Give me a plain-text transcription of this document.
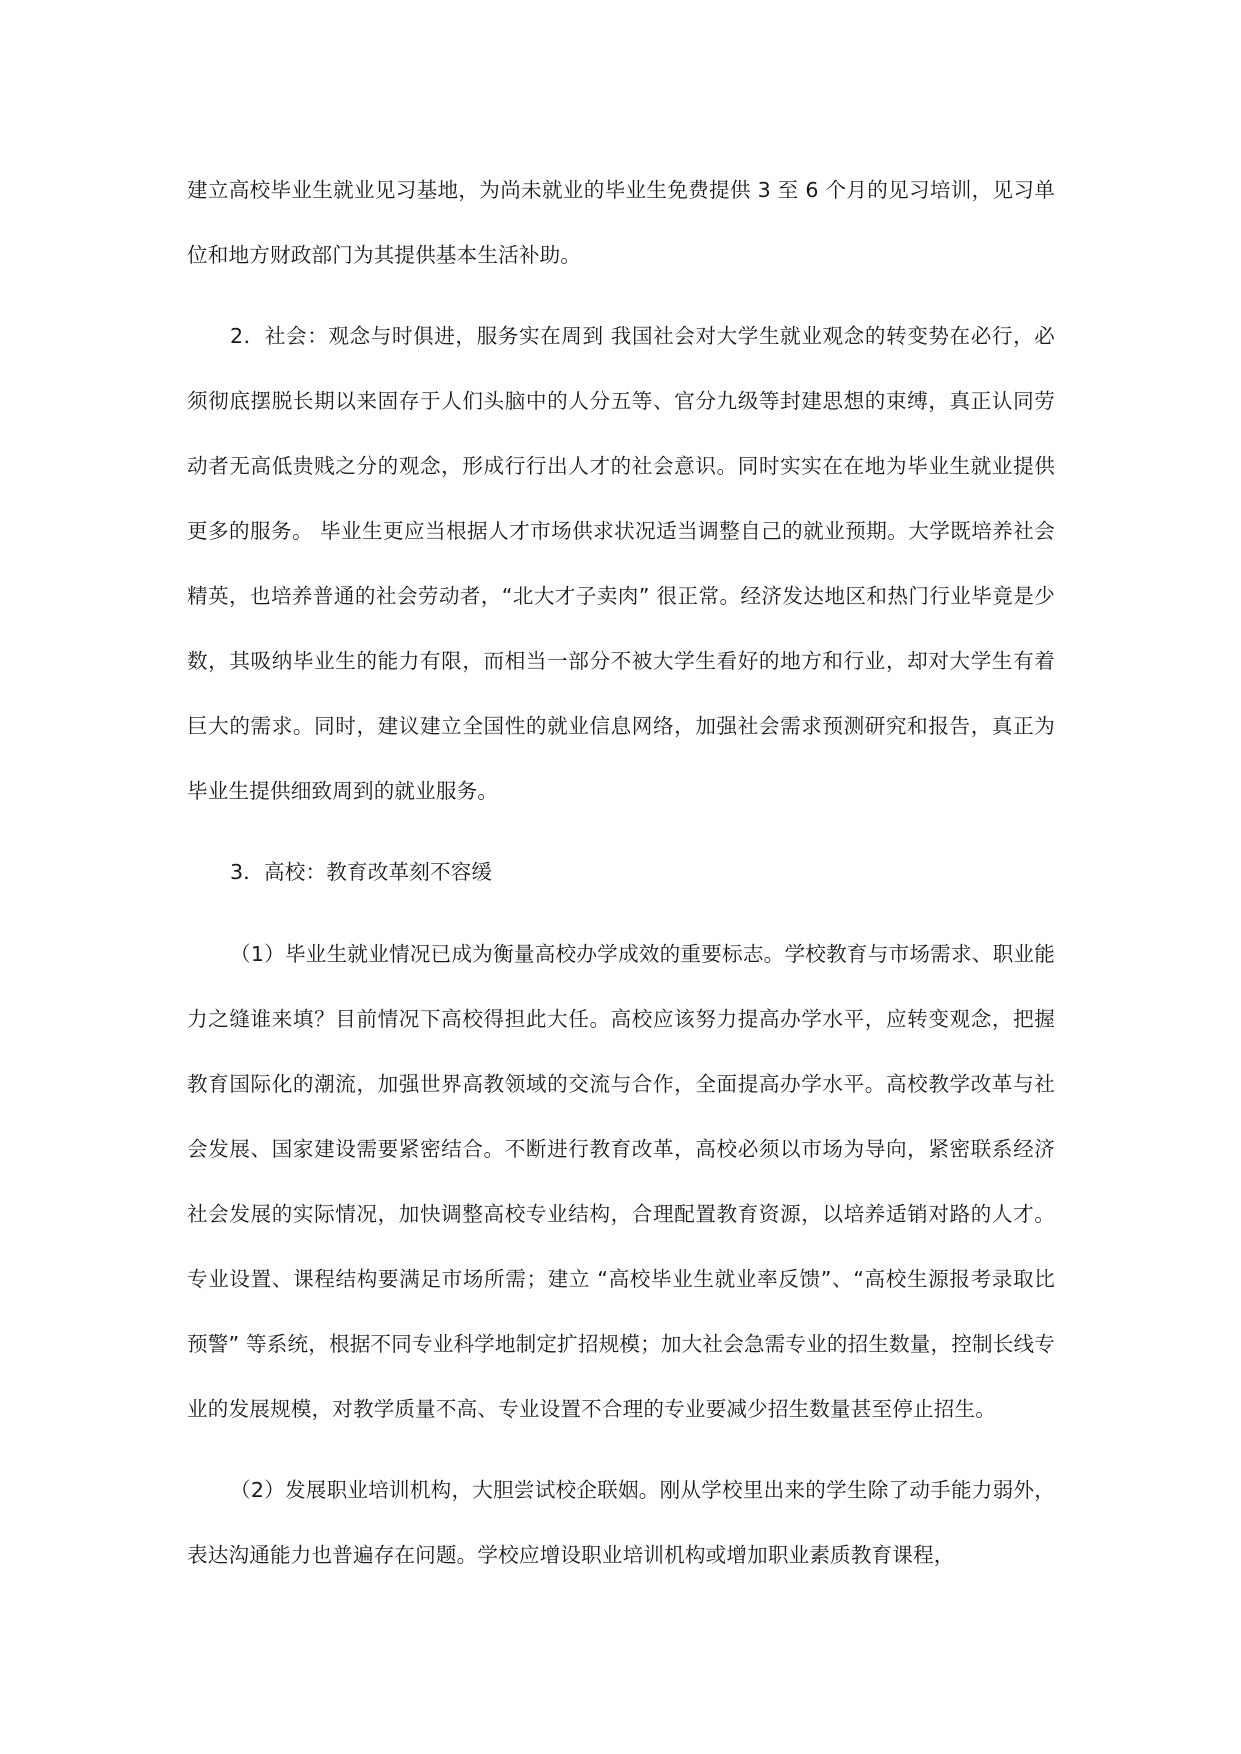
建立高校毕业生就业见习基地，为尚未就业的毕业生免费提供 3 至 6 个月的见习培训，见习单位和地方财政部门为其提供基本生活补助。

2．社会：观念与时俱进，服务实在周到 我国社会对大学生就业观念的转变势在必行，必须彻底摆脱长期以来固存于人们头脑中的人分五等、官分九级等封建思想的束缚，真正认同劳动者无高低贵贱之分的观念，形成行行出人才的社会意识。同时实实在在地为毕业生就业提供更多的服务。 毕业生更应当根据人才市场供求状况适当调整自己的就业预期。大学既培养社会精英，也培养普通的社会劳动者，“北大才子卖肉” 很正常。经济发达地区和热门行业毕竟是少数，其吸纳毕业生的能力有限，而相当一部分不被大学生看好的地方和行业，却对大学生有着巨大的需求。同时，建议建立全国性的就业信息网络，加强社会需求预测研究和报告，真正为毕业生提供细致周到的就业服务。

3．高校：教育改革刻不容缓

（1）毕业生就业情况已成为衡量高校办学成效的重要标志。学校教育与市场需求、职业能力之缝谁来填？目前情况下高校得担此大任。高校应该努力提高办学水平，应转变观念，把握教育国际化的潮流，加强世界高教领域的交流与合作，全面提高办学水平。高校教学改革与社会发展、国家建设需要紧密结合。不断进行教育改革，高校必须以市场为导向，紧密联系经济社会发展的实际情况，加快调整高校专业结构，合理配置教育资源，以培养适销对路的人才。专业设置、课程结构要满足市场所需；建立 “高校毕业生就业率反馈”、“高校生源报考录取比预警” 等系统，根据不同专业科学地制定扩招规模；加大社会急需专业的招生数量，控制长线专业的发展规模，对教学质量不高、专业设置不合理的专业要减少招生数量甚至停止招生。

（2）发展职业培训机构，大胆尝试校企联姻。刚从学校里出来的学生除了动手能力弱外，表达沟通能力也普遍存在问题。学校应增设职业培训机构或增加职业素质教育课程，
